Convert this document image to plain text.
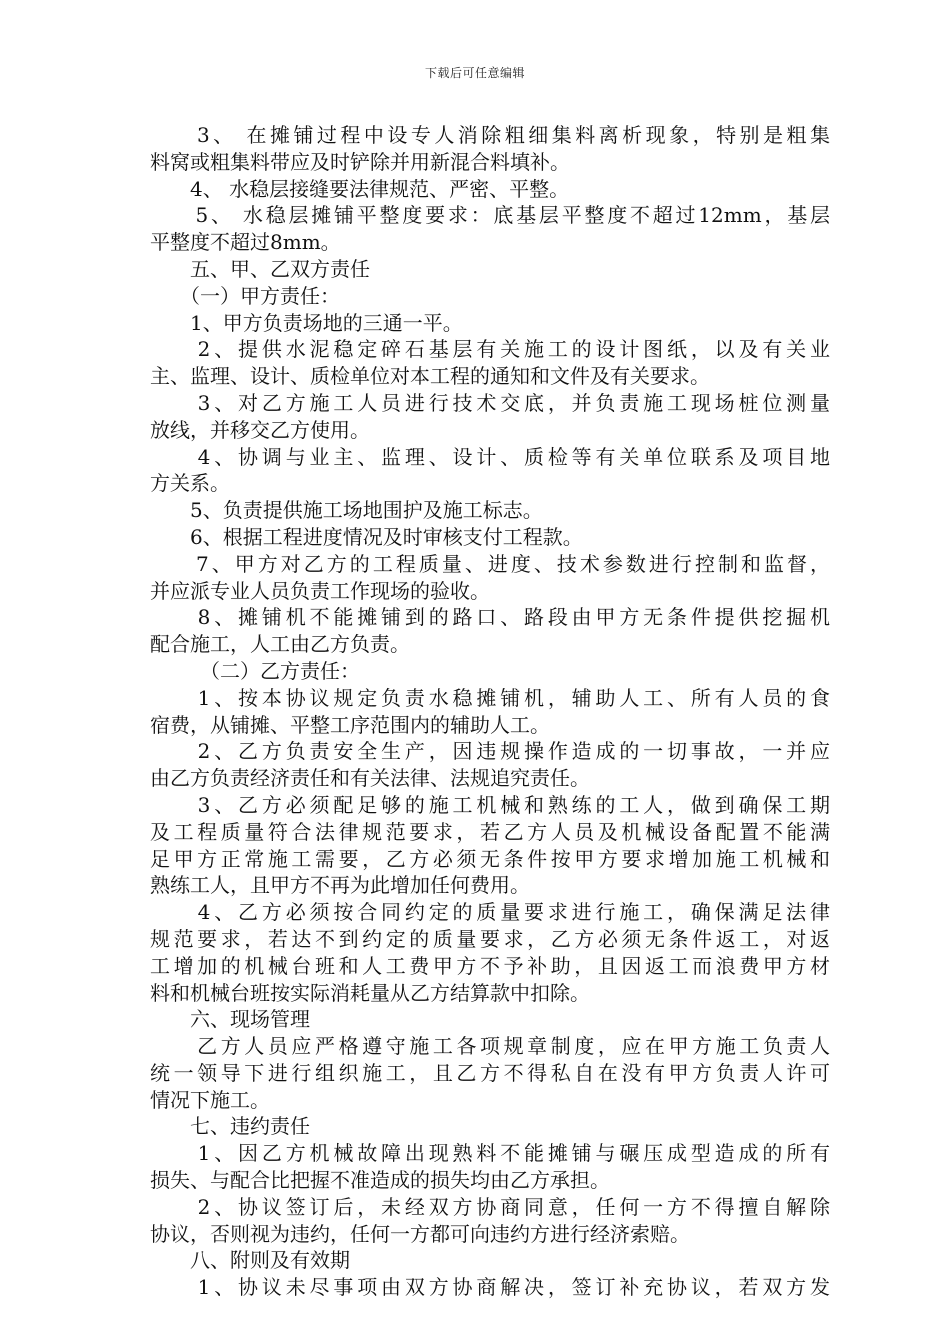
下载后可任意编辑
　　3、 在摊铺过程中设专人消除粗细集料离析现象，特别是粗集
料窝或粗集料带应及时铲除并用新混合料填补。
　　4、 水稳层接缝要法律规范、严密、平整。
　　5、 水稳层摊铺平整度要求：底基层平整度不超过12mm，基层
平整度不超过8mm。
　　五、甲、乙双方责任
　　（一）甲方责任：
　　1、甲方负责场地的三通一平。
　　2、提供水泥稳定碎石基层有关施工的设计图纸，以及有关业
主、监理、设计、质检单位对本工程的通知和文件及有关要求。
　　3、对乙方施工人员进行技术交底，并负责施工现场桩位测量
放线，并移交乙方使用。
　　4、协调与业主、监理、设计、质检等有关单位联系及项目地
方关系。
　　5、负责提供施工场地围护及施工标志。
　　6、根据工程进度情况及时审核支付工程款。
　　7、甲方对乙方的工程质量、进度、技术参数进行控制和监督，
并应派专业人员负责工作现场的验收。
　　8、摊铺机不能摊铺到的路口、路段由甲方无条件提供挖掘机
配合施工，人工由乙方负责。
　　　（二）乙方责任：
　　1、按本协议规定负责水稳摊铺机，辅助人工、所有人员的食
宿费，从铺摊、平整工序范围内的辅助人工。
　　2、乙方负责安全生产，因违规操作造成的一切事故，一并应
由乙方负责经济责任和有关法律、法规追究责任。
　　3、乙方必须配足够的施工机械和熟练的工人，做到确保工期
及工程质量符合法律规范要求，若乙方人员及机械设备配置不能满
足甲方正常施工需要，乙方必须无条件按甲方要求增加施工机械和
熟练工人，且甲方不再为此增加任何费用。
　　4、乙方必须按合同约定的质量要求进行施工，确保满足法律
规范要求，若达不到约定的质量要求，乙方必须无条件返工，对返
工增加的机械台班和人工费甲方不予补助，且因返工而浪费甲方材
料和机械台班按实际消耗量从乙方结算款中扣除。
　　六、现场管理
　　乙方人员应严格遵守施工各项规章制度，应在甲方施工负责人
统一领导下进行组织施工，且乙方不得私自在没有甲方负责人许可
情况下施工。
　　七、违约责任
　　1、因乙方机械故障出现熟料不能摊铺与碾压成型造成的所有
损失、与配合比把握不准造成的损失均由乙方承担。
　　2、协议签订后，未经双方协商同意，任何一方不得擅自解除
协议，否则视为违约，任何一方都可向违约方进行经济索赔。
　　八、附则及有效期
　　1、协议未尽事项由双方协商解决，签订补充协议，若双方发
